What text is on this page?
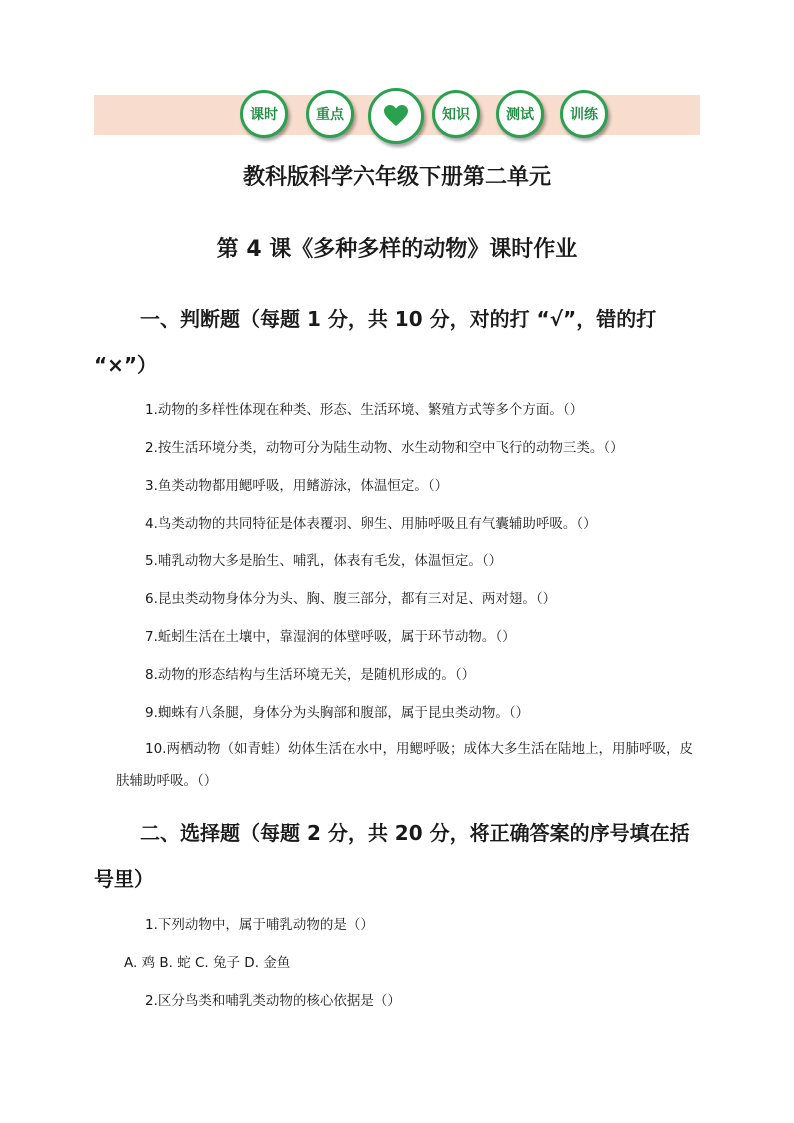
课时	重点	知识	测试	训练
教科版科学六年级下册第二单元
第 4 课《多种多样的动物》课时作业
一、判断题（每题 1 分，共 10 分，对的打 “√”，错的打 “×”）
1.动物的多样性体现在种类、形态、生活环境、繁殖方式等多个方面。（）
2.按生活环境分类，动物可分为陆生动物、水生动物和空中飞行的动物三类。（）
3.鱼类动物都用鳃呼吸，用鳍游泳，体温恒定。（）
4.鸟类动物的共同特征是体表覆羽、卵生、用肺呼吸且有气囊辅助呼吸。（）
5.哺乳动物大多是胎生、哺乳，体表有毛发，体温恒定。（）
6.昆虫类动物身体分为头、胸、腹三部分，都有三对足、两对翅。（）
7.蚯蚓生活在土壤中，靠湿润的体壁呼吸，属于环节动物。（）
8.动物的形态结构与生活环境无关，是随机形成的。（）
9.蜘蛛有八条腿，身体分为头胸部和腹部，属于昆虫类动物。（）
10.两栖动物（如青蛙）幼体生活在水中，用鳃呼吸；成体大多生活在陆地上，用肺呼吸，皮肤辅助呼吸。（）
二、选择题（每题 2 分，共 20 分，将正确答案的序号填在括号里）
1.下列动物中，属于哺乳动物的是（）
A. 鸡 B. 蛇 C. 兔子 D. 金鱼
2.区分鸟类和哺乳类动物的核心依据是（）
